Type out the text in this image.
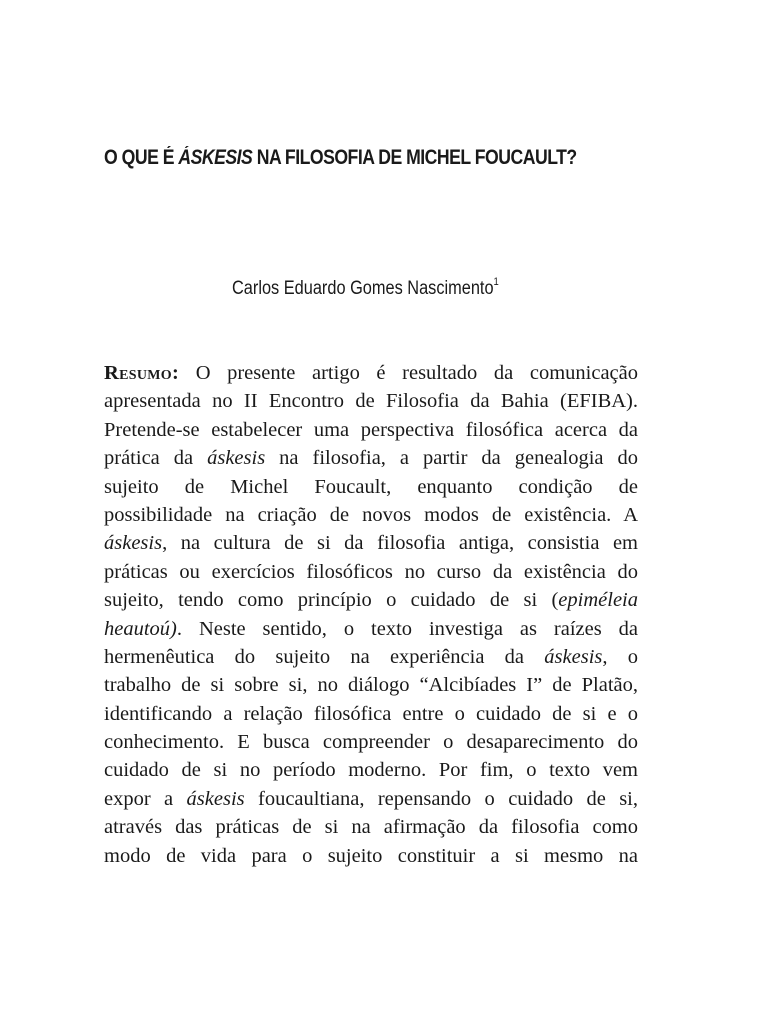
O QUE É ÁSKESIS NA FILOSOFIA DE MICHEL FOUCAULT?

Carlos Eduardo Gomes Nascimento$^1$

Resumo: O presente artigo é resultado da comunicação
apresentada no II Encontro de Filosofia da Bahia (EFIBA).
Pretende-se estabelecer uma perspectiva filosófica acerca da
prática da áskesis na filosofia, a partir da genealogia do
sujeito de Michel Foucault, enquanto condição de
possibilidade na criação de novos modos de existência. A
áskesis, na cultura de si da filosofia antiga, consistia em
práticas ou exercícios filosóficos no curso da existência do
sujeito, tendo como princípio o cuidado de si (epiméleia
heautoú). Neste sentido, o texto investiga as raízes da
hermenêutica do sujeito na experiência da áskesis, o
trabalho de si sobre si, no diálogo “Alcibíades I” de Platão,
identificando a relação filosófica entre o cuidado de si e o
conhecimento. E busca compreender o desaparecimento do
cuidado de si no período moderno. Por fim, o texto vem
expor a áskesis foucaultiana, repensando o cuidado de si,
através das práticas de si na afirmação da filosofia como
modo de vida para o sujeito constituir a si mesmo na
